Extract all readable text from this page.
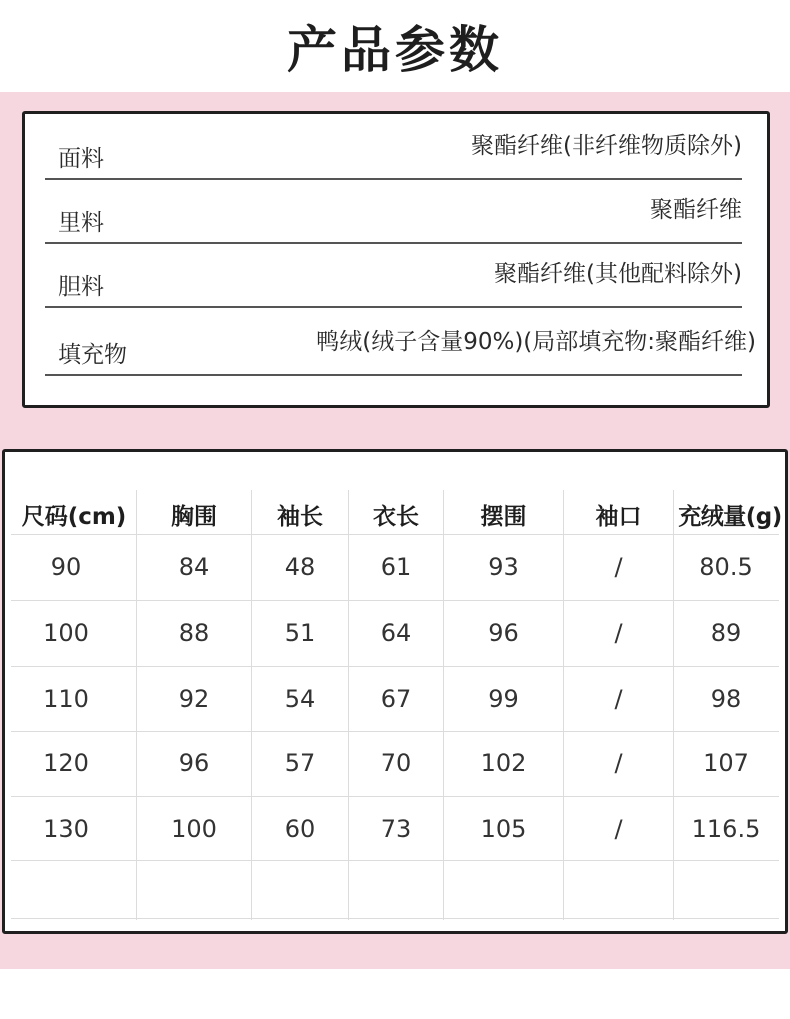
产品参数
面料	聚酯纤维(非纤维物质除外)
里料	聚酯纤维
胆料	聚酯纤维(其他配料除外)
填充物	鸭绒(绒子含量90%)(局部填充物:聚酯纤维)
尺码(cm)	胸围	袖长	衣长	摆围	袖口	充绒量(g)
90	84	48	61	93	/	80.5
100	88	51	64	96	/	89
110	92	54	67	99	/	98
120	96	57	70	102	/	107
130	100	60	73	105	/	116.5
